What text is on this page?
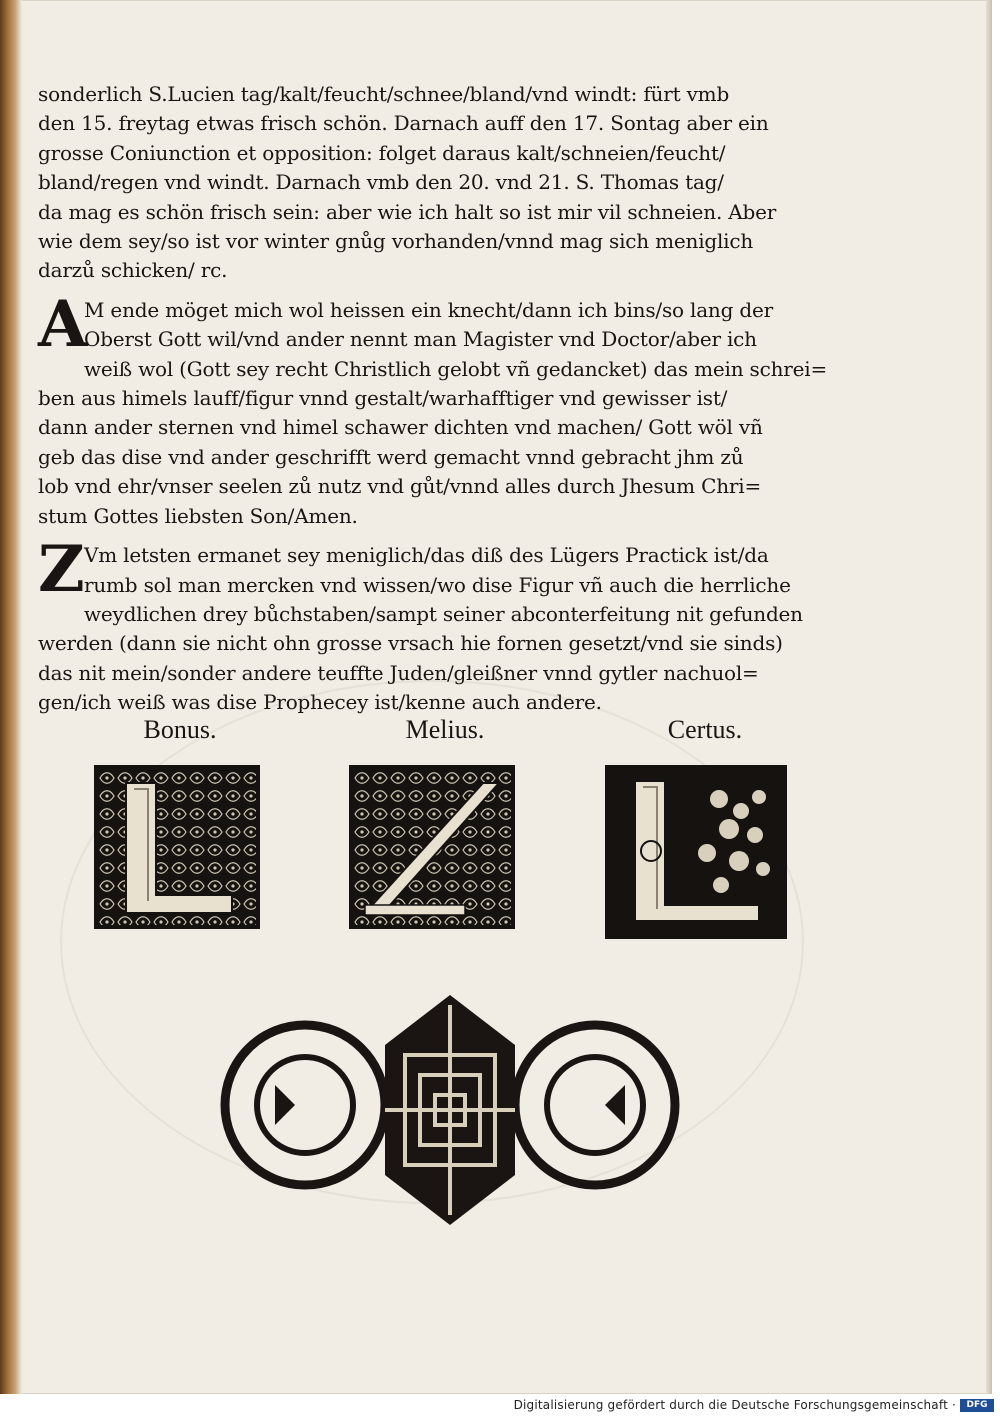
sonderlich S.Lucien tag/kalt/feucht/schnee/bland/vnd windt: fürt vmb
den 15. freytag etwas frisch schön. Darnach auff den 17. Sontag aber ein
grosse Coniunction et opposition: folget daraus kalt/schneien/feucht/
bland/regen vnd windt. Darnach vmb den 20. vnd 21. S. Thomas tag/
da mag es schön frisch sein: aber wie ich halt so ist mir vil schneien. Aber
wie dem sey/so ist vor winter gnůg vorhanden/vnnd mag sich meniglich
darzů schicken/ rc.
A
M ende möget mich wol heissen ein knecht/dann ich bins/so lang der
Oberst Gott wil/vnd ander nennt man Magister vnd Doctor/aber ich
weiß wol (Gott sey recht Christlich gelobt vñ gedancket) das mein schrei=
ben aus himels lauff/figur vnnd gestalt/warhafftiger vnd gewisser ist/
dann ander sternen vnd himel schawer dichten vnd machen/ Gott wöl vñ
geb das dise vnd ander geschrifft werd gemacht vnnd gebracht jhm zů
lob vnd ehr/vnser seelen zů nutz vnd gůt/vnnd alles durch Jhesum Chri=
stum Gottes liebsten Son/Amen.
Z Vm letsten ermanet sey meniglich/das diß des Lügers Practick ist/da
rumb sol man mercken vnd wissen/wo dise Figur vñ auch die herrliche
weydlichen drey bůchstaben/sampt seiner abconterfeitung nit gefunden
werden (dann sie nicht ohn grosse vrsach hie fornen gesetzt/vnd sie sinds)
das nit mein/sonder andere teuffte Juden/gleißner vnnd gytler nachuol=
gen/ich weiß was dise Prophecey ist/kenne auch andere.
Bonus.	Melius.	Certus.
Digitalisierung gefördert durch die Deutsche Forschungsgemeinschaft ·	DFG
